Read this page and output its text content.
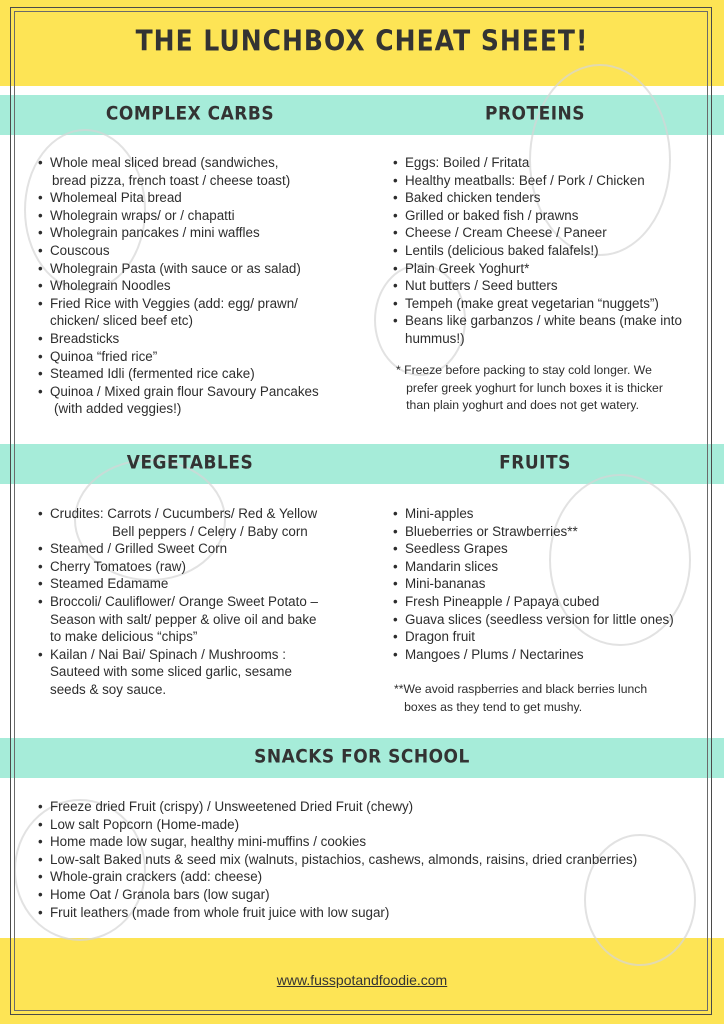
THE LUNCHBOX CHEAT SHEET!
COMPLEX CARBS	PROTEINS
• Whole meal sliced bread (sandwiches,
bread pizza, french toast / cheese toast)
• Wholemeal Pita bread
• Wholegrain wraps/ or / chapatti
• Wholegrain pancakes / mini waffles
• Couscous
• Wholegrain Pasta (with sauce or as salad)
• Wholegrain Noodles
• Fried Rice with Veggies (add: egg/ prawn/
chicken/ sliced beef etc)
• Breadsticks
• Quinoa “fried rice”
• Steamed Idli (fermented rice cake)
• Quinoa / Mixed grain flour Savoury Pancakes
(with added veggies!)
• Eggs: Boiled / Fritata
• Healthy meatballs: Beef / Pork / Chicken
• Baked chicken tenders
• Grilled or baked fish / prawns
• Cheese / Cream Cheese / Paneer
• Lentils (delicious baked falafels!)
• Plain Greek Yoghurt*
• Nut butters / Seed butters
• Tempeh (make great vegetarian “nuggets”)
• Beans like garbanzos / white beans (make into
hummus!)
* Freeze before packing to stay cold longer. We
prefer greek yoghurt for lunch boxes it is thicker
than plain yoghurt and does not get watery.
VEGETABLES	FRUITS
• Crudites: Carrots / Cucumbers/ Red & Yellow
Bell peppers / Celery / Baby corn
• Steamed / Grilled Sweet Corn
• Cherry Tomatoes (raw)
• Steamed Edamame
• Broccoli/ Cauliflower/ Orange Sweet Potato –
Season with salt/ pepper & olive oil and bake
to make delicious “chips”
• Kailan / Nai Bai/ Spinach / Mushrooms :
Sauteed with some sliced garlic, sesame
seeds & soy sauce.
• Mini-apples
• Blueberries or Strawberries**
• Seedless Grapes
• Mandarin slices
• Mini-bananas
• Fresh Pineapple / Papaya cubed
• Guava slices (seedless version for little ones)
• Dragon fruit
• Mangoes / Plums / Nectarines
**We avoid raspberries and black berries lunch
boxes as they tend to get mushy.
SNACKS FOR SCHOOL
• Freeze dried Fruit (crispy) / Unsweetened Dried Fruit (chewy)
• Low salt Popcorn (Home-made)
• Home made low sugar, healthy mini-muffins / cookies
• Low-salt Baked nuts & seed mix (walnuts, pistachios, cashews, almonds, raisins, dried cranberries)
• Whole-grain crackers (add: cheese)
• Home Oat / Granola bars (low sugar)
• Fruit leathers (made from whole fruit juice with low sugar)
www.fusspotandfoodie.com
